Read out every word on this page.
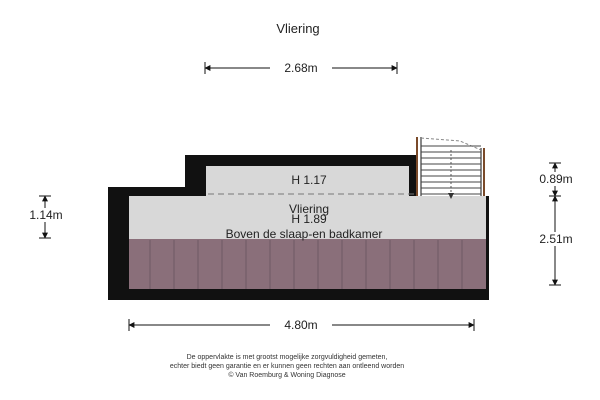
Vliering
2.68m
H 1.17
Vliering
H 1.89
Boven de slaap-en badkamer
1.14m
0.89m
2.51m
4.80m
De oppervlakte is met grootst mogelijke zorgvuldigheid gemeten,
echter biedt geen garantie en er kunnen geen rechten aan ontleend worden
© Van Roemburg & Woning Diagnose
